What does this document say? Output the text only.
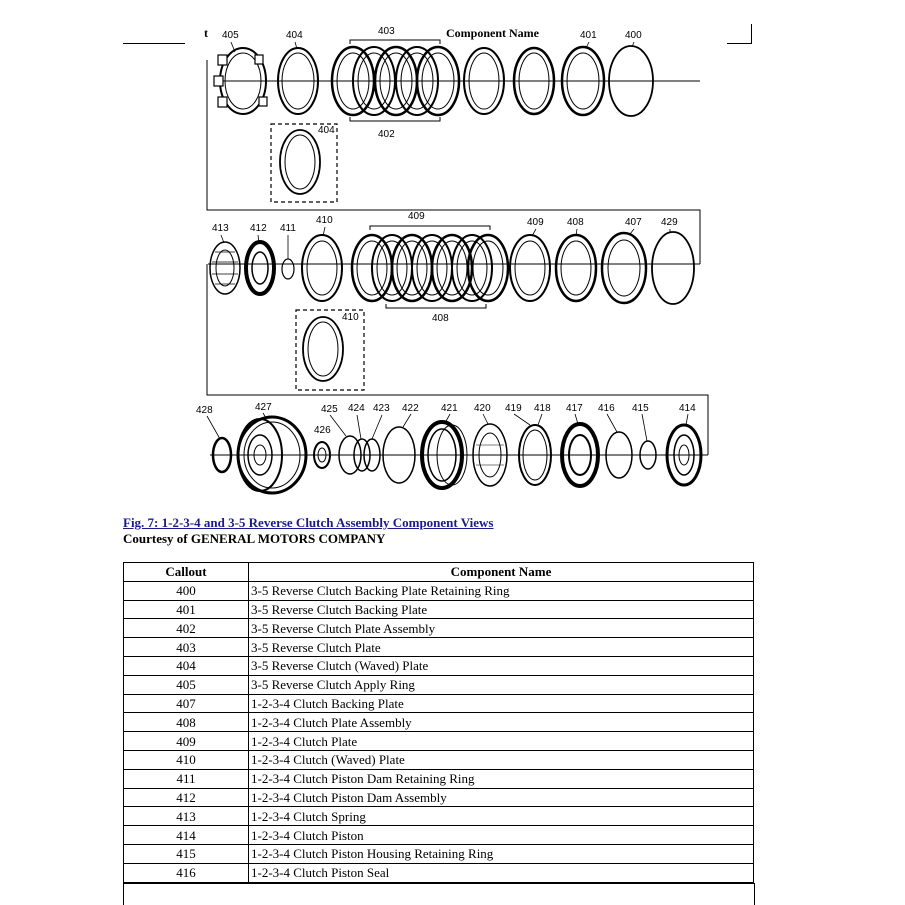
t	Component Name
405	404	403	401	400
404	402
413 412 411
410	409
409 408	407 429
410	408
428	427	425 424 423 422 421 420 419 418 417 416 415	414
426
Fig. 7: 1-2-3-4 and 3-5 Reverse Clutch Assembly Component Views
Courtesy of GENERAL MOTORS COMPANY
Callout	Component Name
400	3-5 Reverse Clutch Backing Plate Retaining Ring
401	3-5 Reverse Clutch Backing Plate
402	3-5 Reverse Clutch Plate Assembly
403	3-5 Reverse Clutch Plate
404	3-5 Reverse Clutch (Waved) Plate
405	3-5 Reverse Clutch Apply Ring
407	1-2-3-4 Clutch Backing Plate
408	1-2-3-4 Clutch Plate Assembly
409	1-2-3-4 Clutch Plate
410	1-2-3-4 Clutch (Waved) Plate
411	1-2-3-4 Clutch Piston Dam Retaining Ring
412	1-2-3-4 Clutch Piston Dam Assembly
413	1-2-3-4 Clutch Spring
414	1-2-3-4 Clutch Piston
415	1-2-3-4 Clutch Piston Housing Retaining Ring
416	1-2-3-4 Clutch Piston Seal
